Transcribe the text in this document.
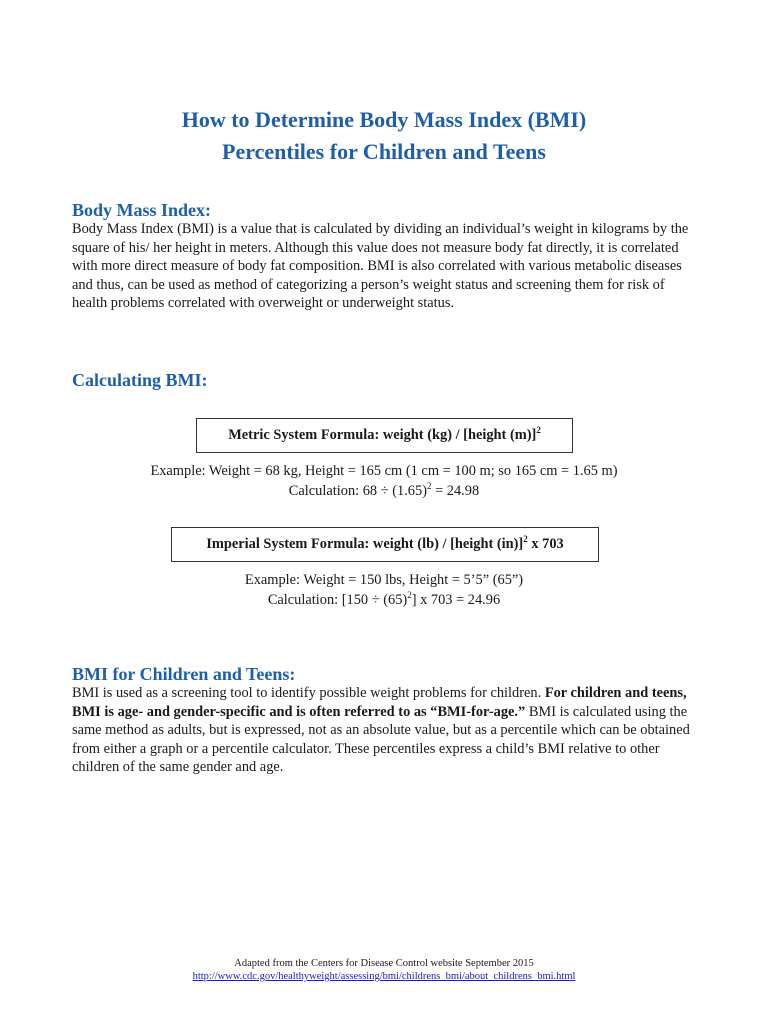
How to Determine Body Mass Index (BMI)
Percentiles for Children and Teens
Body Mass Index:
Body Mass Index (BMI) is a value that is calculated by dividing an individual’s weight in kilograms by the square of his/ her height in meters. Although this value does not measure body fat directly, it is correlated with more direct measure of body fat composition. BMI is also correlated with various metabolic diseases and thus, can be used as method of categorizing a person’s weight status and screening them for risk of health problems correlated with overweight or underweight status.
Calculating BMI:
Metric System Formula: weight (kg) / [height (m)]$^2$
Example: Weight = 68 kg, Height = 165 cm (1 cm = 100 m; so 165 cm = 1.65 m)
Calculation: $68 \div (1.65)^2 = 24.98$
Imperial System Formula: weight (lb) / [height (in)]$^2$ x 703
Example: Weight = 150 lbs, Height = 5’5” (65”)
Calculation: $[150 \div (65)^2]$ x 703 = 24.96
BMI for Children and Teens:
BMI is used as a screening tool to identify possible weight problems for children. For children and teens, BMI is age- and gender-specific and is often referred to as “BMI-for-age.” BMI is calculated using the same method as adults, but is expressed, not as an absolute value, but as a percentile which can be obtained from either a graph or a percentile calculator. These percentiles express a child’s BMI relative to other children of the same gender and age.
Adapted from the Centers for Disease Control website September 2015
http://www.cdc.gov/healthyweight/assessing/bmi/childrens_bmi/about_childrens_bmi.html
